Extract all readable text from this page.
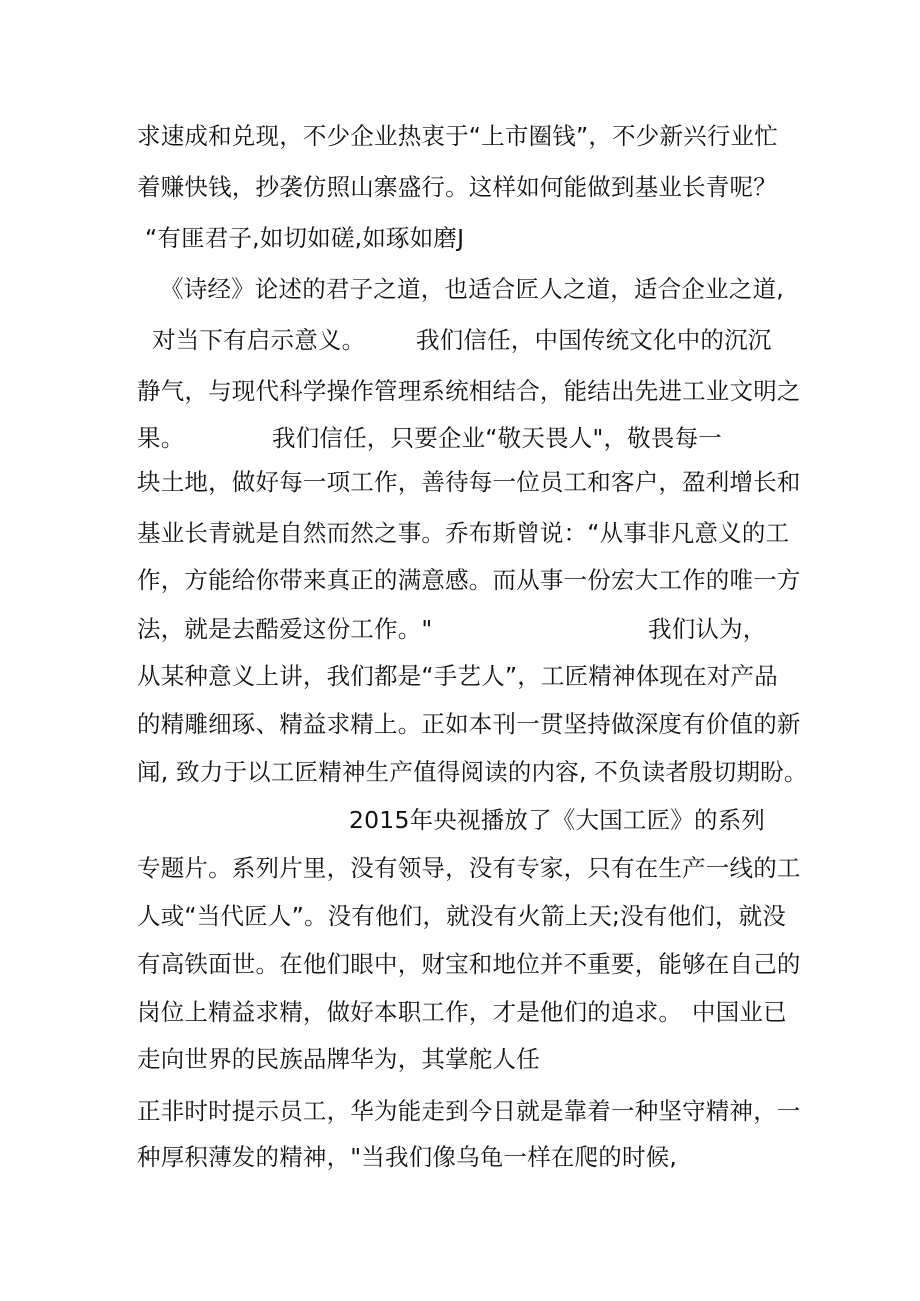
求速成和兑现，不少企业热衷于“上市圈钱”，不少新兴行业忙
着赚快钱，抄袭仿照山寨盛行。这样如何能做到基业长青呢？
“有匪君子,如切如磋,如琢如磨J
《诗经》论述的君子之道，也适合匠人之道，适合企业之道,
对当下有启示意义。 我们信任，中国传统文化中的沉沉
静气，与现代科学操作管理系统相结合，能结出先进工业文明之
果。	我们信任，只要企业“敬天畏人"，敬畏每一
块土地，做好每一项工作，善待每一位员工和客户，盈利增长和
基业长青就是自然而然之事。乔布斯曾说：“从事非凡意义的工
作，方能给你带来真正的满意感。而从事一份宏大工作的唯一方
法，就是去酷爱这份工作。"	我们认为，
从某种意义上讲，我们都是“手艺人”，工匠精神体现在对产品
的精雕细琢、精益求精上。正如本刊一贯坚持做深度有价值的新
闻, 致力于以工匠精神生产值得阅读的内容, 不负读者殷切期盼。
2015年央视播放了《大国工匠》的系列
专题片。系列片里，没有领导，没有专家，只有在生产一线的工
人或“当代匠人”。没有他们，就没有火箭上天;没有他们，就没
有高铁面世。在他们眼中，财宝和地位并不重要，能够在自己的
岗位上精益求精，做好本职工作，才是他们的追求。 中国业已
走向世界的民族品牌华为，其掌舵人任
正非时时提示员工，华为能走到今日就是靠着一种坚守精神，一
种厚积薄发的精神，"当我们像乌龟一样在爬的时候,
